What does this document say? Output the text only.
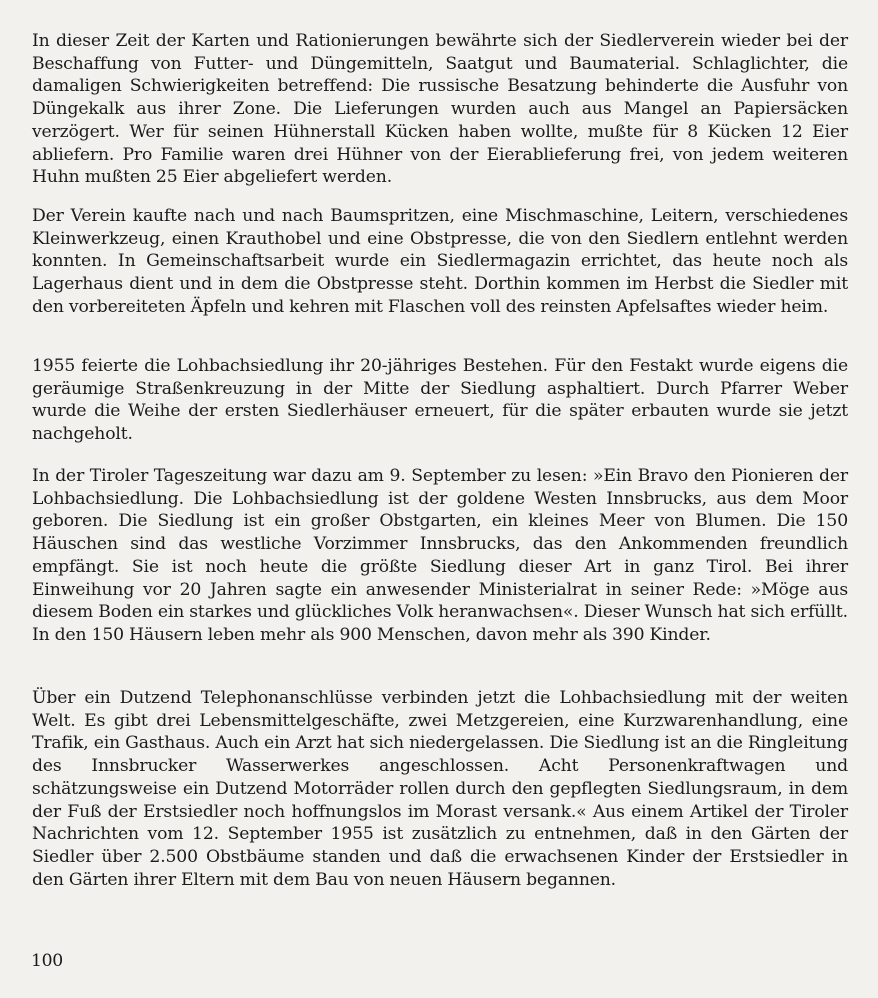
In dieser Zeit der Karten und Rationierungen bewährte sich der Siedlerverein wieder bei der Beschaffung von Futter- und Düngemitteln, Saatgut und Baumaterial. Schlaglichter, die damaligen Schwierigkeiten betreffend: Die russische Besatzung behinderte die Ausfuhr von Düngekalk aus ihrer Zone. Die Lieferungen wurden auch aus Mangel an Papiersäcken verzögert. Wer für seinen Hühnerstall Kücken haben wollte, mußte für 8 Kücken 12 Eier abliefern. Pro Familie waren drei Hühner von der Eierablieferung frei, von jedem weiteren Huhn mußten 25 Eier abgeliefert werden.

Der Verein kaufte nach und nach Baumspritzen, eine Mischmaschine, Leitern, verschiedenes Kleinwerkzeug, einen Krauthobel und eine Obstpresse, die von den Siedlern entlehnt werden konnten. In Gemeinschaftsarbeit wurde ein Siedlermagazin errichtet, das heute noch als Lagerhaus dient und in dem die Obstpresse steht. Dorthin kommen im Herbst die Siedler mit den vorbereiteten Äpfeln und kehren mit Flaschen voll des reinsten Apfelsaftes wieder heim.

1955 feierte die Lohbachsiedlung ihr 20-jähriges Bestehen. Für den Festakt wurde eigens die geräumige Straßenkreuzung in der Mitte der Siedlung asphaltiert. Durch Pfarrer Weber wurde die Weihe der ersten Siedlerhäuser erneuert, für die später erbauten wurde sie jetzt nachgeholt.

In der Tiroler Tageszeitung war dazu am 9. September zu lesen: »Ein Bravo den Pionieren der Lohbachsiedlung. Die Lohbachsiedlung ist der goldene Westen Innsbrucks, aus dem Moor geboren. Die Siedlung ist ein großer Obstgarten, ein kleines Meer von Blumen. Die 150 Häuschen sind das westliche Vorzimmer Innsbrucks, das den Ankommenden freundlich empfängt. Sie ist noch heute die größte Siedlung dieser Art in ganz Tirol. Bei ihrer Einweihung vor 20 Jahren sagte ein anwesender Ministerialrat in seiner Rede: »Möge aus diesem Boden ein starkes und glückliches Volk heranwachsen«. Dieser Wunsch hat sich erfüllt. In den 150 Häusern leben mehr als 900 Menschen, davon mehr als 390 Kinder.

Über ein Dutzend Telephonanschlüsse verbinden jetzt die Lohbachsiedlung mit der weiten Welt. Es gibt drei Lebensmittelgeschäfte, zwei Metzgereien, eine Kurzwarenhandlung, eine Trafik, ein Gasthaus. Auch ein Arzt hat sich niedergelassen. Die Siedlung ist an die Ringleitung des Innsbrucker Wasserwerkes angeschlossen. Acht Personenkraftwagen und schätzungsweise ein Dutzend Motorräder rollen durch den gepflegten Siedlungsraum, in dem der Fuß der Erstsiedler noch hoffnungslos im Morast versank.« Aus einem Artikel der Tiroler Nachrichten vom 12. September 1955 ist zusätzlich zu entnehmen, daß in den Gärten der Siedler über 2.500 Obstbäume standen und daß die erwachsenen Kinder der Erstsiedler in den Gärten ihrer Eltern mit dem Bau von neuen Häusern begannen.

100
